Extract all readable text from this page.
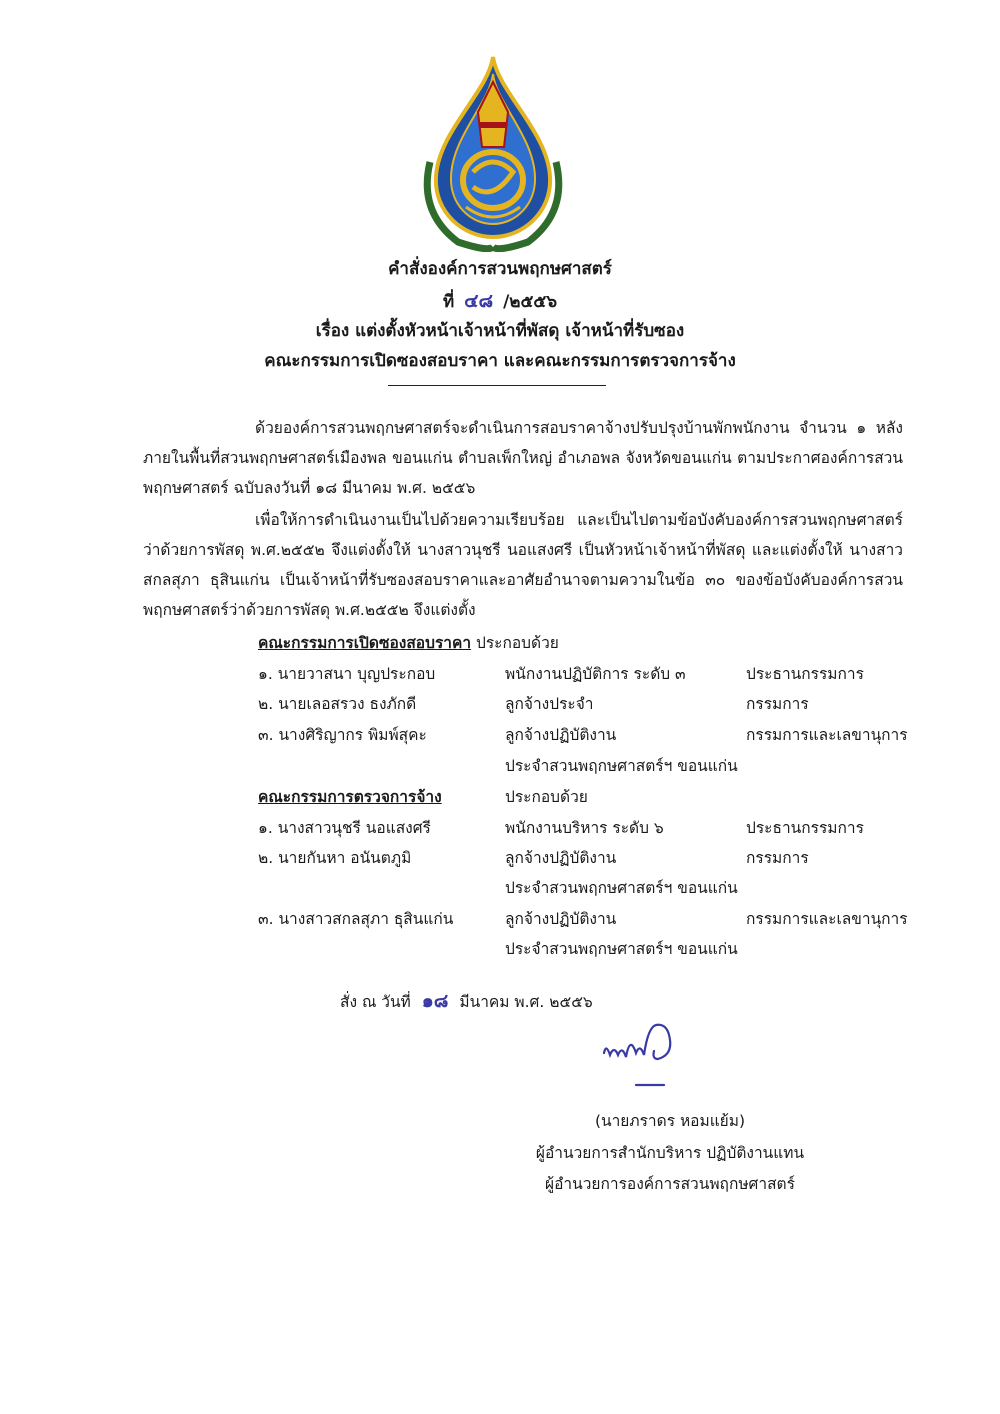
คำสั่งองค์การสวนพฤกษศาสตร์
ที่ ๔๘ /๒๕๕๖
เรื่อง แต่งตั้งหัวหน้าเจ้าหน้าที่พัสดุ เจ้าหน้าที่รับซอง
คณะกรรมการเปิดซองสอบราคา และคณะกรรมการตรวจการจ้าง
ด้วยองค์การสวนพฤกษศาสตร์จะดำเนินการสอบราคาจ้างปรับปรุงบ้านพักพนักงาน จำนวน ๑ หลัง ภายในพื้นที่สวนพฤกษศาสตร์เมืองพล ขอนแก่น ตำบลเพ็กใหญ่ อำเภอพล จังหวัดขอนแก่น ตามประกาศองค์การสวนพฤกษศาสตร์ ฉบับลงวันที่ ๑๘ มีนาคม พ.ศ. ๒๕๕๖
เพื่อให้การดำเนินงานเป็นไปด้วยความเรียบร้อย และเป็นไปตามข้อบังคับองค์การสวนพฤกษศาสตร์ว่าด้วยการพัสดุ พ.ศ.๒๕๕๒ จึงแต่งตั้งให้ นางสาวนุชรี นอแสงศรี เป็นหัวหน้าเจ้าหน้าที่พัสดุ และแต่งตั้งให้ นางสาวสกลสุภา ธุสินแก่น เป็นเจ้าหน้าที่รับซองสอบราคาและอาศัยอำนาจตามความในข้อ ๓๐ ของข้อบังคับองค์การสวนพฤกษศาสตร์ว่าด้วยการพัสดุ พ.ศ.๒๕๕๒ จึงแต่งตั้ง
คณะกรรมการเปิดซองสอบราคา ประกอบด้วย
๑. นายวาสนา บุญประกอบ	พนักงานปฏิบัติการ ระดับ ๓	ประธานกรรมการ
๒. นายเลอสรวง ธงภักดี	ลูกจ้างประจำ	กรรมการ
๓. นางศิริญากร พิมพ์สุคะ	ลูกจ้างปฏิบัติงาน	กรรมการและเลขานุการ
ประจำสวนพฤกษศาสตร์ฯ ขอนแก่น
คณะกรรมการตรวจการจ้าง	ประกอบด้วย
๑. นางสาวนุชรี นอแสงศรี	พนักงานบริหาร ระดับ ๖	ประธานกรรมการ
๒. นายกันหา อนันตภูมิ	ลูกจ้างปฏิบัติงาน	กรรมการ
ประจำสวนพฤกษศาสตร์ฯ ขอนแก่น
๓. นางสาวสกลสุภา ธุสินแก่น	ลูกจ้างปฏิบัติงาน	กรรมการและเลขานุการ
ประจำสวนพฤกษศาสตร์ฯ ขอนแก่น
สั่ง ณ วันที่ ๑๘ มีนาคม พ.ศ. ๒๕๕๖
(นายภราดร หอมแย้ม)
ผู้อำนวยการสำนักบริหาร ปฏิบัติงานแทน
ผู้อำนวยการองค์การสวนพฤกษศาสตร์
